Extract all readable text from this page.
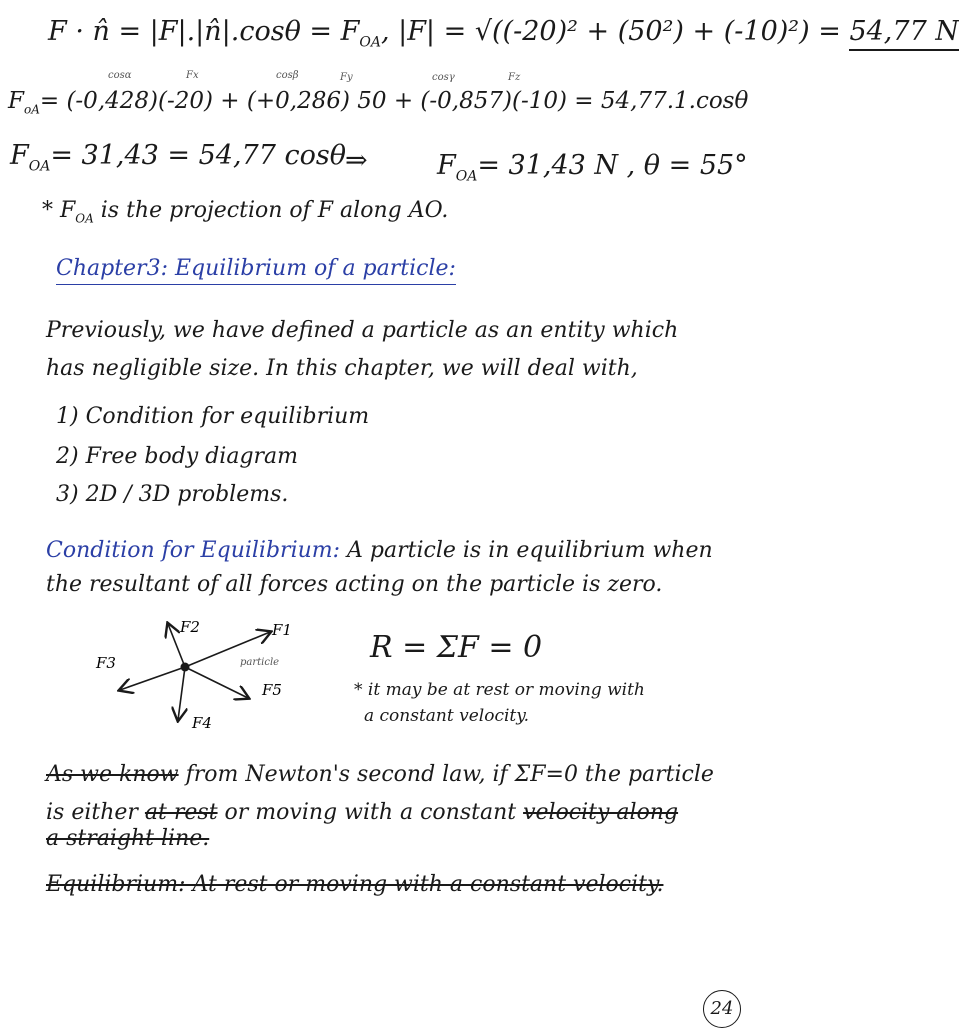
F · n̂ = |F|.|n̂|.cosθ = $F_{OA}$, |F| = √((-20)² + (50²) + (-10)²) = 54,77 N
cosα	Fx	cosβ	Fy	cosγ	Fz
$F_{oA}= (-0,428)(-20) + (+0,286) 50 + (-0,857)(-10) = 54,77.1.\cos\theta$
$F_{OA}= 31,43 = 54,77$ cosθ ⇒	$F_{OA}= 31,43$ N , θ = 55°
* $F_{OA}$ is the projection of F along AO.
Chapter3: Equilibrium of a particle:
Previously, we have defined a particle as an entity which
has negligible size. In this chapter, we will deal with,
1) Condition for equilibrium
2) Free body diagram
3) 2D / 3D problems.
Condition for Equilibrium: A particle is in equilibrium when
the resultant of all forces acting on the particle is zero.
F1
F2
F3
F4
F5
particle	R = ΣF = 0
* it may be at rest or moving with
a constant velocity.
As we know from Newton's second law, if ΣF=0 the particle
is either at rest or moving with a constant velocity along
a straight line.
Equilibrium: At rest or moving with a constant velocity.
24
